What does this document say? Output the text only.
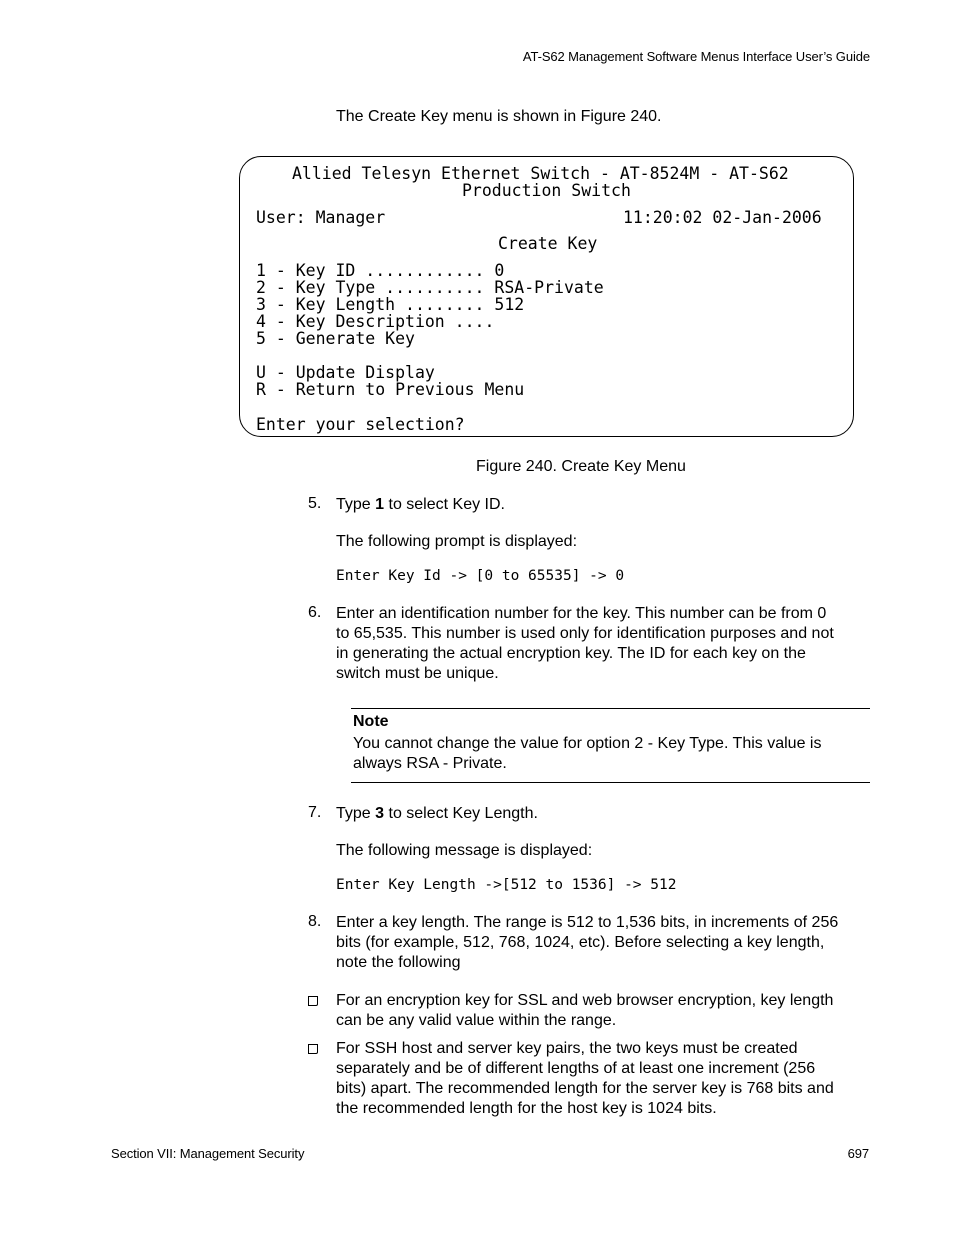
AT-S62 Management Software Menus Interface User’s Guide
The Create Key menu is shown in Figure 240.
Allied Telesyn Ethernet Switch - AT-8524M - AT-S62
Production Switch
User: Manager	11:20:02 02-Jan-2006
Create Key
1 - Key ID ............ 0
2 - Key Type .......... RSA-Private
3 - Key Length ........ 512
4 - Key Description ....
5 - Generate Key
U - Update Display
R - Return to Previous Menu
Enter your selection?
Figure 240. Create Key Menu
5. Type 1 to select Key ID.
The following prompt is displayed:
Enter Key Id -> [0 to 65535] -> 0
6. Enter an identification number for the key. This number can be from 0
to 65,535. This number is used only for identification purposes and not
in generating the actual encryption key. The ID for each key on the
switch must be unique.
Note
You cannot change the value for option 2 - Key Type. This value is
always RSA - Private.
7. Type 3 to select Key Length.
The following message is displayed:
Enter Key Length ->[512 to 1536] -> 512
8. Enter a key length. The range is 512 to 1,536 bits, in increments of 256
bits (for example, 512, 768, 1024, etc). Before selecting a key length,
note the following
For an encryption key for SSL and web browser encryption, key length
can be any valid value within the range.
For SSH host and server key pairs, the two keys must be created
separately and be of different lengths of at least one increment (256
bits) apart. The recommended length for the server key is 768 bits and
the recommended length for the host key is 1024 bits.
Section VII: Management Security	697
